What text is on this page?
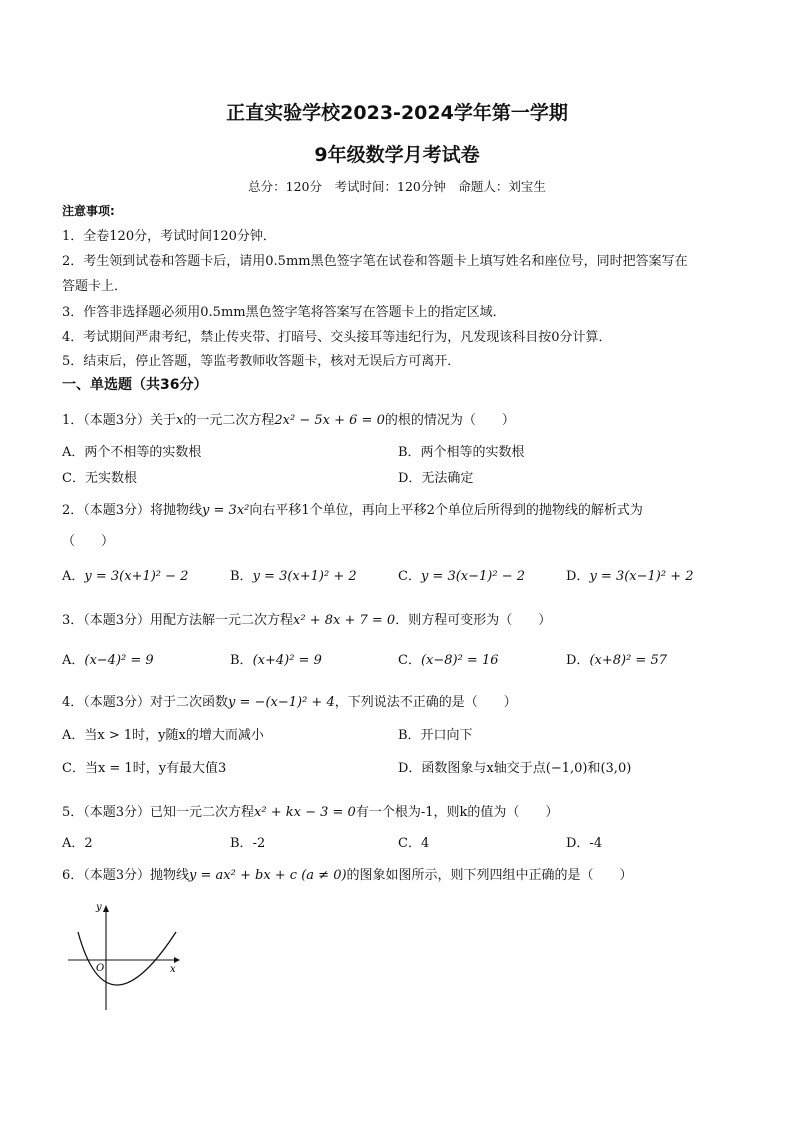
正直实验学校2023-2024学年第一学期
9年级数学月考试卷
总分：120分　考试时间：120分钟　命题人：刘宝生
注意事项:
1．全卷120分，考试时间120分钟．
2．考生领到试卷和答题卡后，请用0.5mm黑色签字笔在试卷和答题卡上填写姓名和座位号，同时把答案写在
答题卡上．
3．作答非选择题必须用0.5mm黑色签字笔将答案写在答题卡上的指定区域．
4．考试期间严肃考纪，禁止传夹带、打暗号、交头接耳等违纪行为，凡发现该科目按0分计算．
5．结束后，停止答题，等监考教师收答题卡，核对无误后方可离开．
一、单选题（共36分）
1．（本题3分）关于x的一元二次方程2x² − 5x + 6 = 0的根的情况为（　　）
A．两个不相等的实数根	B．两个相等的实数根
C．无实数根	D．无法确定
2．（本题3分）将抛物线y = 3x²向右平移1个单位，再向上平移2个单位后所得到的抛物线的解析式为
（　　）
A．y = 3(x+1)² − 2	B．y = 3(x+1)² + 2	C．y = 3(x−1)² − 2	D．y = 3(x−1)² + 2
3．（本题3分）用配方法解一元二次方程x² + 8x + 7 = 0．则方程可变形为（　　）
A．(x−4)² = 9	B．(x+4)² = 9	C．(x−8)² = 16	D．(x+8)² = 57
4．（本题3分）对于二次函数y = −(x−1)² + 4，下列说法不正确的是（　　）
A．当x > 1时，y随x的增大而减小	B．开口向下
C．当x = 1时，y有最大值3	D．函数图象与x轴交于点(−1,0)和(3,0)
5．（本题3分）已知一元二次方程x² + kx − 3 = 0有一个根为-1，则k的值为（　　）
A．2	B．-2	C．4	D．-4
6．（本题3分）抛物线y = ax² + bx + c (a ≠ 0)的图象如图所示，则下列四组中正确的是（　　）
y
x
O
